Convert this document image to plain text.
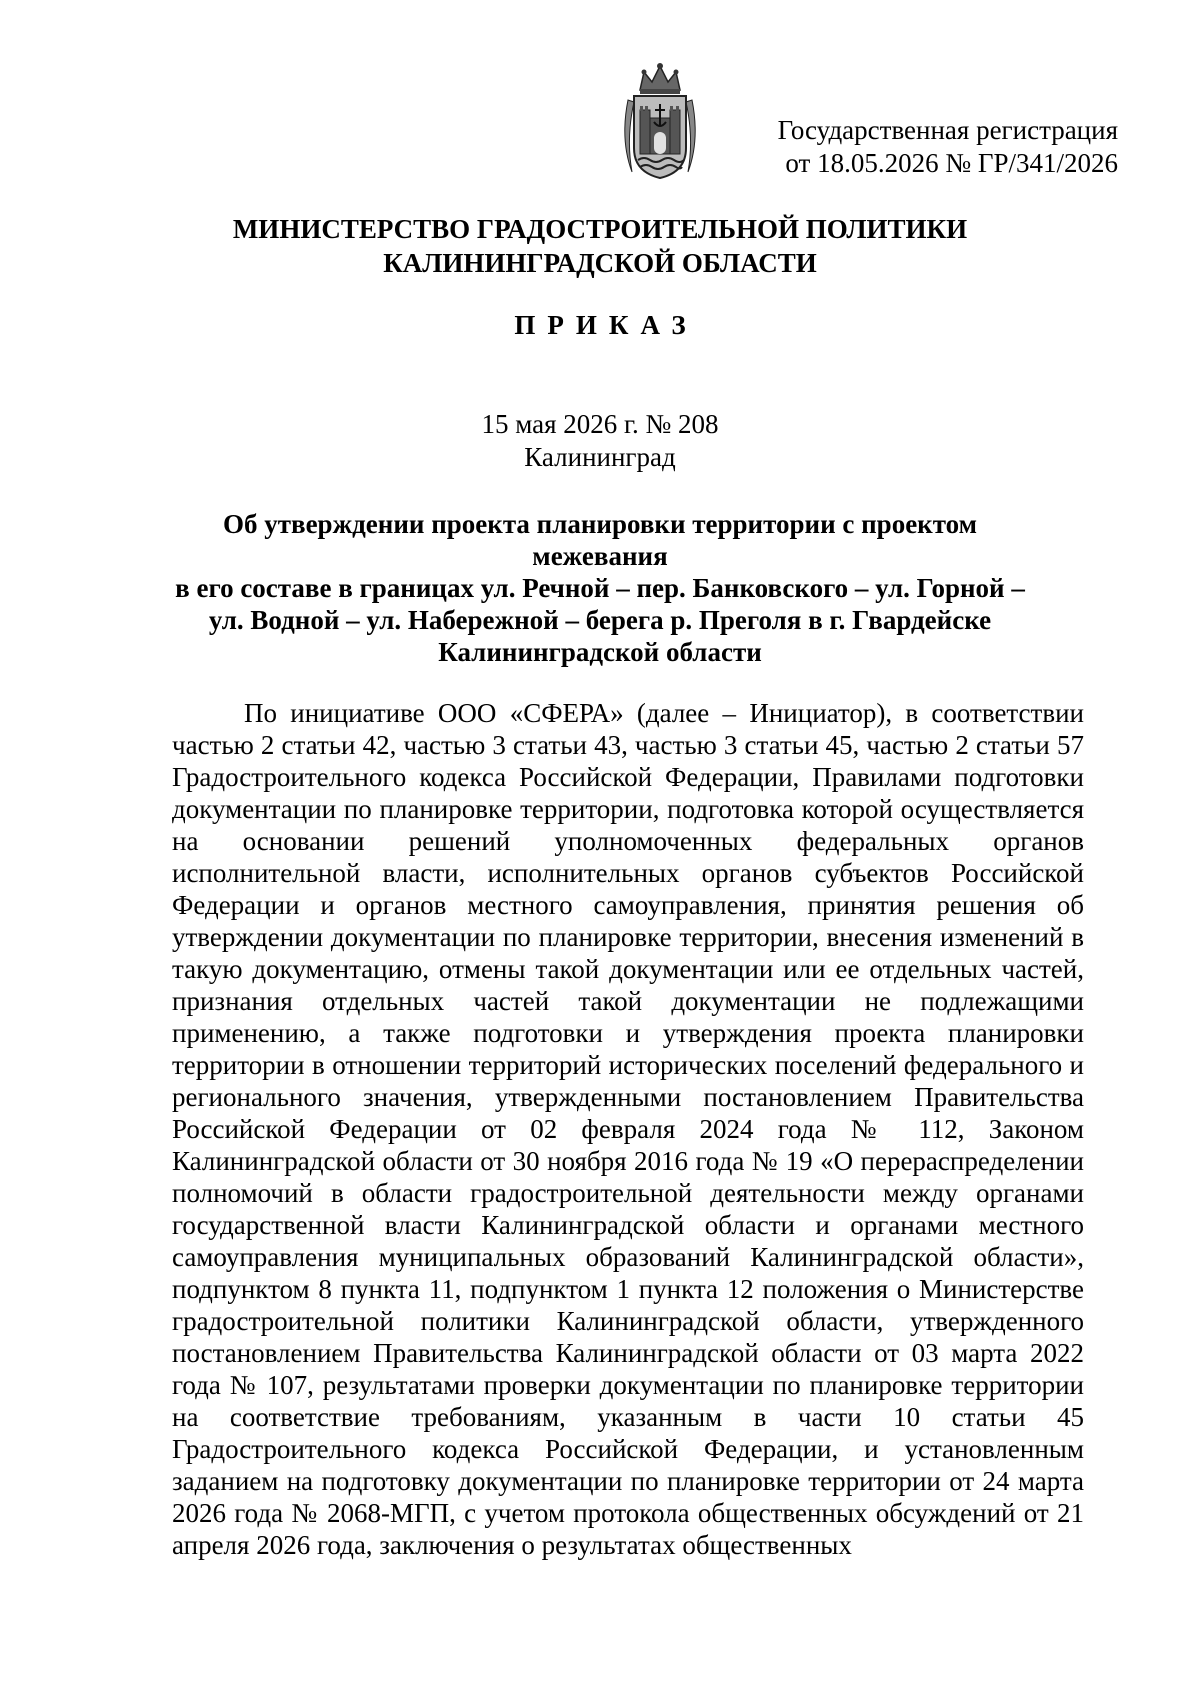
Государственная регистрация
от 18.05.2026 № ГР/341/2026
МИНИСТЕРСТВО ГРАДОСТРОИТЕЛЬНОЙ ПОЛИТИКИ
КАЛИНИНГРАДСКОЙ ОБЛАСТИ
ПРИКАЗ
15 мая 2026 г. № 208
Калининград
Об утверждении проекта планировки территории с проектом межевания
в его составе в границах ул. Речной – пер. Банковского – ул. Горной –
ул. Водной – ул. Набережной – берега р. Преголя в г. Гвардейске
Калининградской области

По инициативе ООО «СФЕРА» (далее – Инициатор), в соответствии частью 2 статьи 42, частью 3 статьи 43, частью 3 статьи 45, частью 2 статьи 57 Градостроительного кодекса Российской Федерации, Правилами подготовки документации по планировке территории, подготовка которой осуществляется на основании решений уполномоченных федеральных органов исполнительной власти, исполнительных органов субъектов Российской Федерации и органов местного самоуправления, принятия решения об утверждении документации по планировке территории, внесения изменений в такую документацию, отмены такой документации или ее отдельных частей, признания отдельных частей такой документации не подлежащими применению, а также подготовки и утверждения проекта планировки территории в отношении территорий исторических поселений федерального и регионального значения, утвержденными постановлением Правительства Российской Федерации от 02 февраля 2024 года № 112, Законом Калининградской области от 30 ноября 2016 года № 19 «О перераспределении полномочий в области градостроительной деятельности между органами государственной власти Калининградской области и органами местного самоуправления муниципальных образований Калининградской области», подпунктом 8 пункта 11, подпунктом 1 пункта 12 положения о Министерстве градостроительной политики Калининградской области, утвержденного постановлением Правительства Калининградской области от 03 марта 2022 года № 107, результатами проверки документации по планировке территории на соответствие требованиям, указанным в части 10 статьи 45 Градостроительного кодекса Российской Федерации, и установленным заданием на подготовку документации по планировке территории от 24 марта 2026 года № 2068-МГП, с учетом протокола общественных обсуждений от 21 апреля 2026 года, заключения о результатах общественных
